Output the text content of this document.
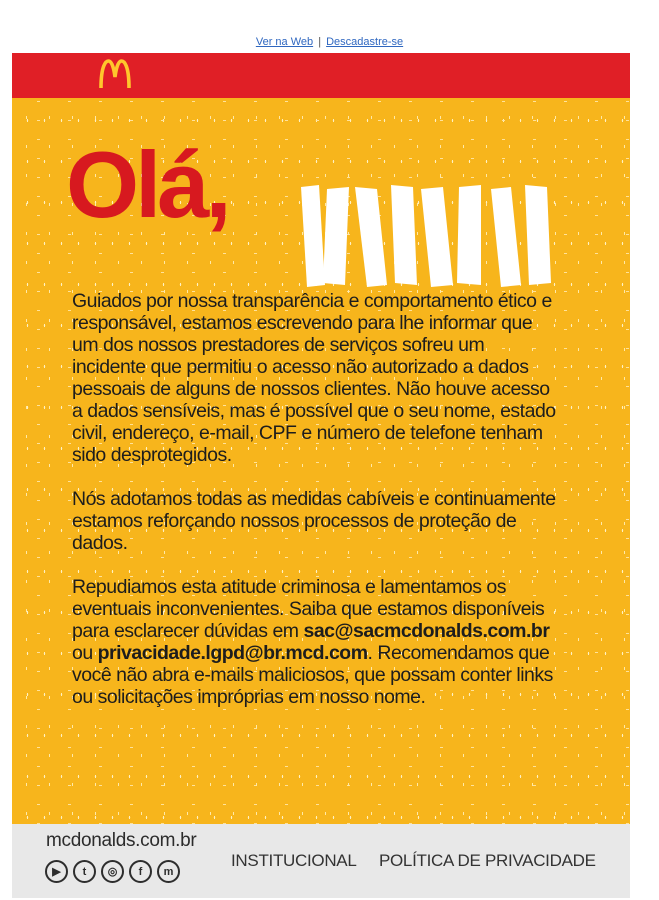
Ver na Web | Descadastre-se
Olá,

Guiados por nossa transparência e comportamento ético e responsável, estamos escrevendo para lhe informar que um dos nossos prestadores de serviços sofreu um incidente que permitiu o acesso não autorizado a dados pessoais de alguns de nossos clientes. Não houve acesso a dados sensíveis, mas é possível que o seu nome, estado civil, endereço, e-mail, CPF e número de telefone tenham sido desprotegidos.

Nós adotamos todas as medidas cabíveis e continuamente estamos reforçando nossos processos de proteção de dados.

Repudiamos esta atitude criminosa e lamentamos os eventuais inconvenientes. Saiba que estamos disponíveis para esclarecer dúvidas em sac@sacmcdonalds.com.br ou privacidade.lgpd@br.mcd.com. Recomendamos que você não abra e-mails maliciosos, que possam conter links ou solicitações impróprias em nosso nome.

mcdonalds.com.br
▶	t	◎	f	m
INSTITUCIONAL POLÍTICA DE PRIVACIDADE
